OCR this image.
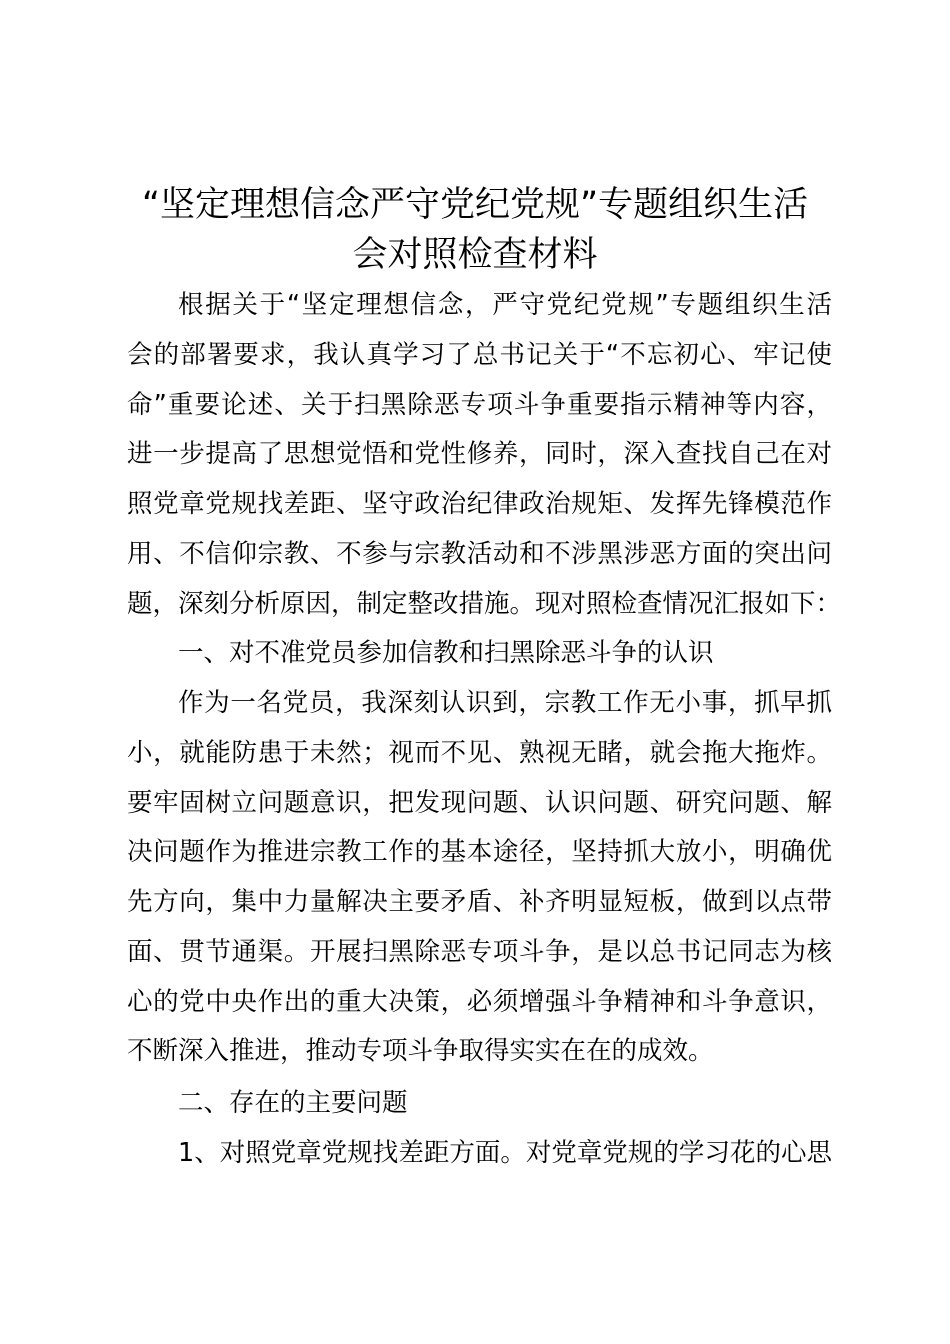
“坚定理想信念严守党纪党规”专题组织生活
会对照检查材料
根据关于“坚定理想信念，严守党纪党规”专题组织生活
会的部署要求，我认真学习了总书记关于“不忘初心、牢记使
命”重要论述、关于扫黑除恶专项斗争重要指示精神等内容，
进一步提高了思想觉悟和党性修养，同时，深入查找自己在对
照党章党规找差距、坚守政治纪律政治规矩、发挥先锋模范作
用、不信仰宗教、不参与宗教活动和不涉黑涉恶方面的突出问
题，深刻分析原因，制定整改措施。现对照检查情况汇报如下：
一、对不准党员参加信教和扫黑除恶斗争的认识
作为一名党员，我深刻认识到，宗教工作无小事，抓早抓
小，就能防患于未然；视而不见、熟视无睹，就会拖大拖炸。
要牢固树立问题意识，把发现问题、认识问题、研究问题、解
决问题作为推进宗教工作的基本途径，坚持抓大放小，明确优
先方向，集中力量解决主要矛盾、补齐明显短板，做到以点带
面、贯节通渠。开展扫黑除恶专项斗争，是以总书记同志为核
心的党中央作出的重大决策，必须增强斗争精神和斗争意识，
不断深入推进，推动专项斗争取得实实在在的成效。
二、存在的主要问题
1、对照党章党规找差距方面。对党章党规的学习花的心思
